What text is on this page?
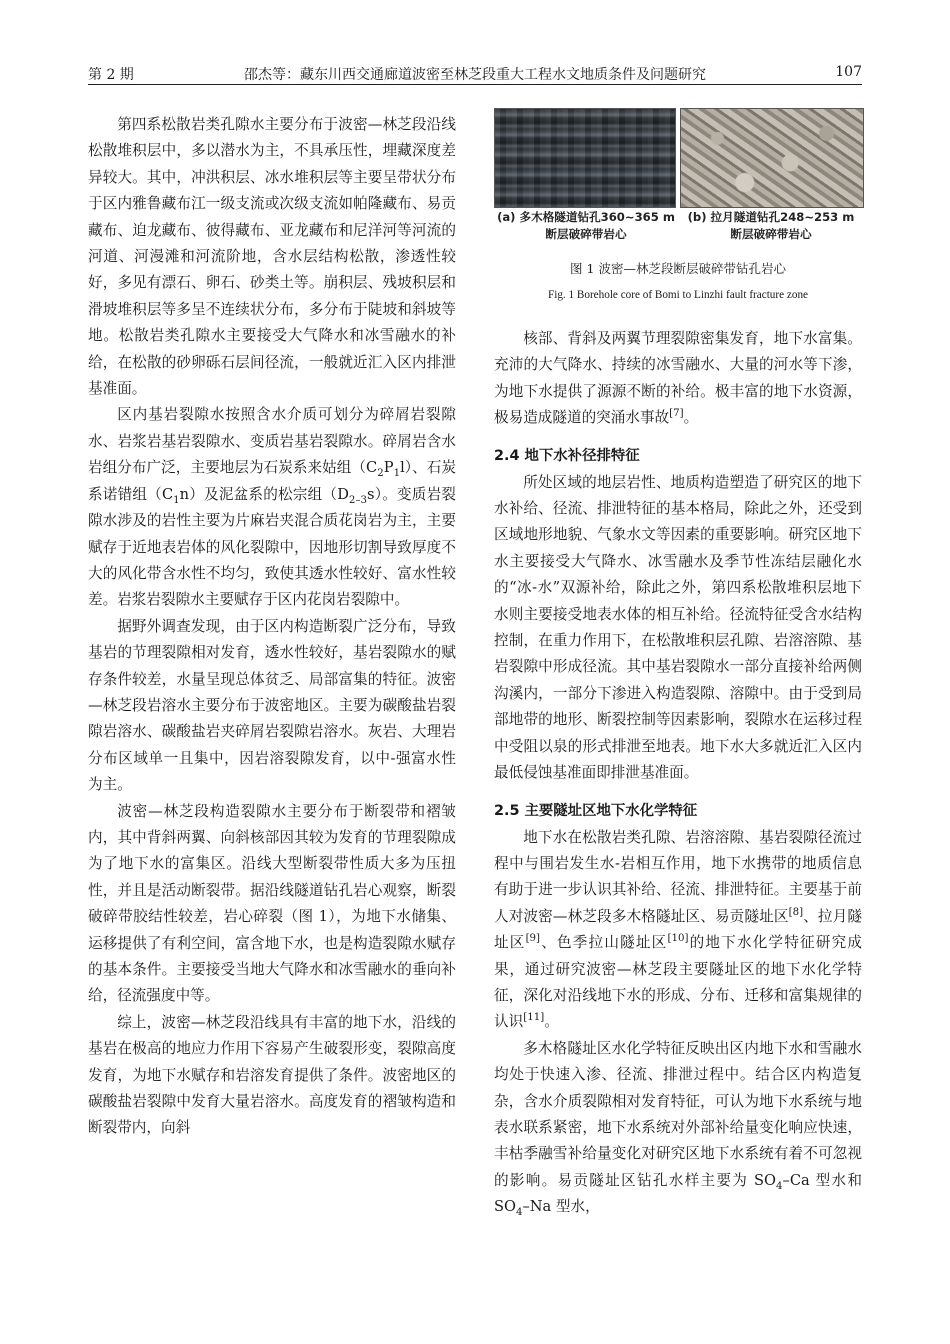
第 2 期	邵杰等：藏东川西交通廊道波密至林芝段重大工程水文地质条件及问题研究	107

第四系松散岩类孔隙水主要分布于波密—林芝段沿线松散堆积层中，多以潜水为主，不具承压性，埋藏深度差异较大。其中，冲洪积层、冰水堆积层等主要呈带状分布于区内雅鲁藏布江一级支流或次级支流如帕隆藏布、易贡藏布、迫龙藏布、彼得藏布、亚龙藏布和尼洋河等河流的河道、河漫滩和河流阶地，含水层结构松散，渗透性较好，多见有漂石、卵石、砂类土等。崩积层、残坡积层和滑坡堆积层等多呈不连续状分布，多分布于陡坡和斜坡等地。松散岩类孔隙水主要接受大气降水和冰雪融水的补给，在松散的砂卵砾石层间径流，一般就近汇入区内排泄基准面。

区内基岩裂隙水按照含水介质可划分为碎屑岩裂隙水、岩浆岩基岩裂隙水、变质岩基岩裂隙水。碎屑岩含水岩组分布广泛，主要地层为石炭系来姑组$(C_2P_1l)$、石炭系诺错组$(C_1n)$及泥盆系的松宗组$(D_{2-3}s)$。变质岩裂隙水涉及的岩性主要为片麻岩夹混合质花岗岩为主，主要赋存于近地表岩体的风化裂隙中，因地形切割导致厚度不大的风化带含水性不均匀，致使其透水性较好、富水性较差。岩浆岩裂隙水主要赋存于区内花岗岩裂隙中。

据野外调查发现，由于区内构造断裂广泛分布，导致基岩的节理裂隙相对发育，透水性较好，基岩裂隙水的赋存条件较差，水量呈现总体贫乏、局部富集的特征。波密—林芝段岩溶水主要分布于波密地区。主要为碳酸盐岩裂隙岩溶水、碳酸盐岩夹碎屑岩裂隙岩溶水。灰岩、大理岩分布区域单一且集中，因岩溶裂隙发育，以中-强富水性为主。

波密—林芝段构造裂隙水主要分布于断裂带和褶皱内，其中背斜两翼、向斜核部因其较为发育的节理裂隙成为了地下水的富集区。沿线大型断裂带性质大多为压扭性，并且是活动断裂带。据沿线隧道钻孔岩心观察，断裂破碎带胶结性较差，岩心碎裂（图 1），为地下水储集、运移提供了有利空间，富含地下水，也是构造裂隙水赋存的基本条件。主要接受当地大气降水和冰雪融水的垂向补给，径流强度中等。

综上，波密—林芝段沿线具有丰富的地下水，沿线的基岩在极高的地应力作用下容易产生破裂形变，裂隙高度发育，为地下水赋存和岩溶发育提供了条件。波密地区的碳酸盐岩裂隙中发育大量岩溶水。高度发育的褶皱构造和断裂带内，向斜

(a) 多木格隧道钻孔360~365 m
断层破碎带岩心
(b) 拉月隧道钻孔248~253 m
断层破碎带岩心
图 1 波密—林芝段断层破碎带钻孔岩心
Fig. 1 Borehole core of Bomi to Linzhi fault fracture zone

核部、背斜及两翼节理裂隙密集发育，地下水富集。充沛的大气降水、持续的冰雪融水、大量的河水等下渗，为地下水提供了源源不断的补给。极丰富的地下水资源，极易造成隧道的突涌水事故[7]。

2.4 地下水补径排特征

所处区域的地层岩性、地质构造塑造了研究区的地下水补给、径流、排泄特征的基本格局，除此之外，还受到区域地形地貌、气象水文等因素的重要影响。研究区地下水主要接受大气降水、冰雪融水及季节性冻结层融化水的“冰-水”双源补给，除此之外，第四系松散堆积层地下水则主要接受地表水体的相互补给。径流特征受含水结构控制，在重力作用下，在松散堆积层孔隙、岩溶溶隙、基岩裂隙中形成径流。其中基岩裂隙水一部分直接补给两侧沟溪内，一部分下渗进入构造裂隙、溶隙中。由于受到局部地带的地形、断裂控制等因素影响，裂隙水在运移过程中受阻以泉的形式排泄至地表。地下水大多就近汇入区内最低侵蚀基准面即排泄基准面。

2.5 主要隧址区地下水化学特征

地下水在松散岩类孔隙、岩溶溶隙、基岩裂隙径流过程中与围岩发生水-岩相互作用，地下水携带的地质信息有助于进一步认识其补给、径流、排泄特征。主要基于前人对波密—林芝段多木格隧址区、易贡隧址区[8]、拉月隧址区[9]、色季拉山隧址区[10]的地下水化学特征研究成果，通过研究波密—林芝段主要隧址区的地下水化学特征，深化对沿线地下水的形成、分布、迁移和富集规律的认识[11]。

多木格隧址区水化学特征反映出区内地下水和雪融水均处于快速入渗、径流、排泄过程中。结合区内构造复杂，含水介质裂隙相对发育特征，可认为地下水系统与地表水联系紧密，地下水系统对外部补给量变化响应快速，丰枯季融雪补给量变化对研究区地下水系统有着不可忽视的影响。易贡隧址区钻孔水样主要为 $SO_4-Ca$ 型水和 $SO_4-Na$ 型水，
